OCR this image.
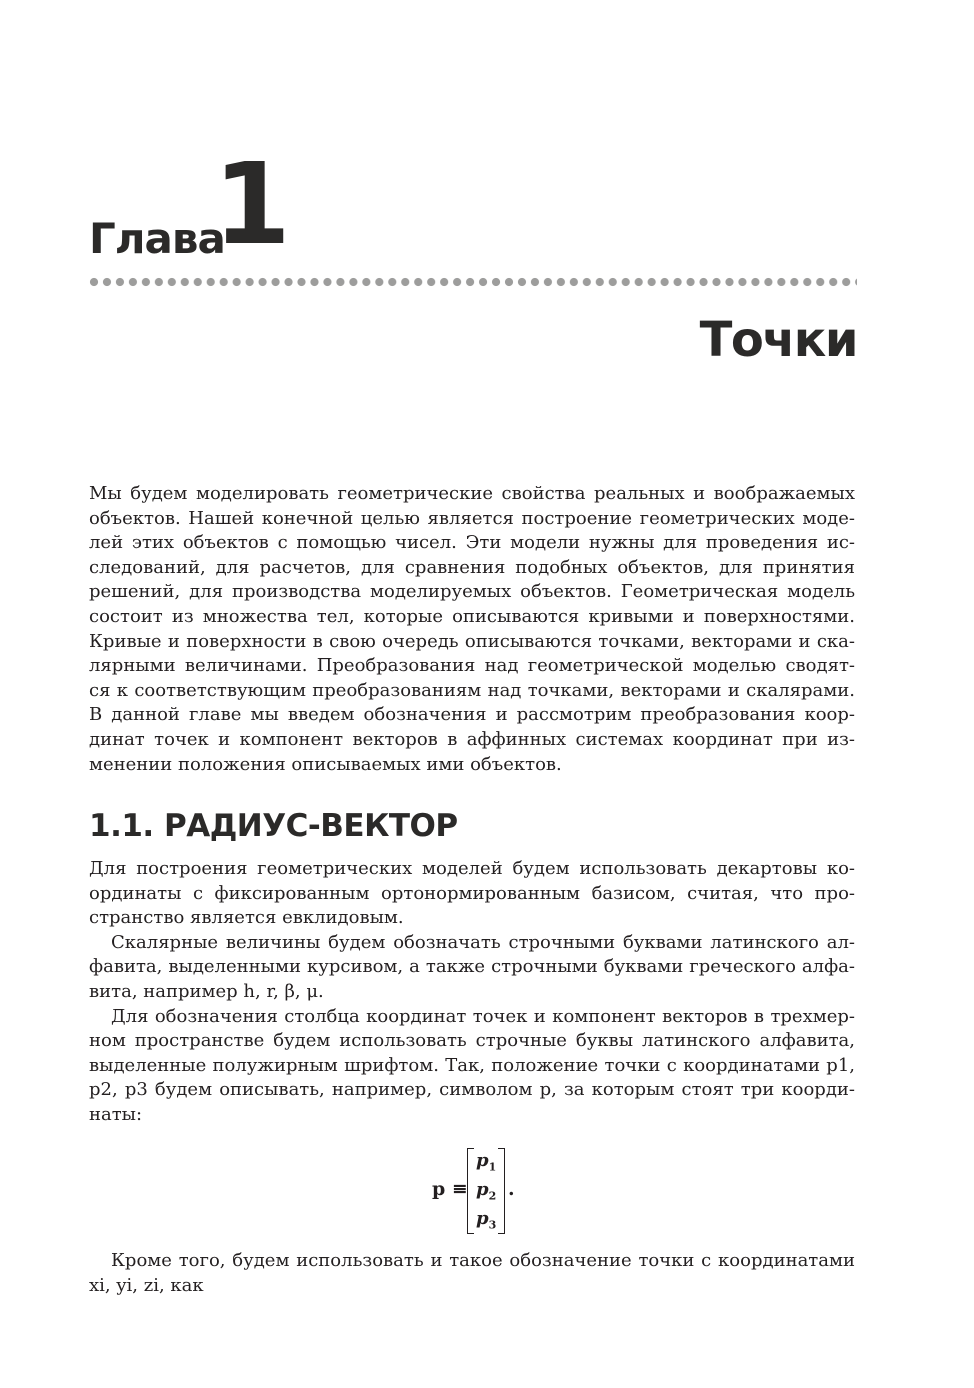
Глава
1
Точки
Мы будем моделировать геометрические свойства реальных и воображаемых
объектов. Нашей конечной целью является построение геометрических моде-
лей этих объектов с помощью чисел. Эти модели нужны для проведения ис-
следований, для расчетов, для сравнения подобных объектов, для принятия
решений, для производства моделируемых объектов. Геометрическая модель
состоит из множества тел, которые описываются кривыми и поверхностями.
Кривые и поверхности в свою очередь описываются точками, векторами и ска-
лярными величинами. Преобразования над геометрической моделью сводят-
ся к соответствующим преобразованиям над точками, векторами и скалярами.
В данной главе мы введем обозначения и рассмотрим преобразования коор-
динат точек и компонент векторов в аффинных системах координат при из-
менении положения описываемых ими объектов.
1.1. РАДИУС-ВЕКТОР
Для построения геометрических моделей будем использовать декартовы ко-
ординаты с фиксированным ортонормированным базисом, считая, что про-
странство является евклидовым.
Скалярные величины будем обозначать строчными буквами латинского ал-
фавита, выделенными курсивом, а также строчными буквами греческого алфа-
вита, например h, r, β, μ.
Для обозначения столбца координат точек и компонент векторов в трехмер-
ном пространстве будем использовать строчные буквы латинского алфавита,
выделенные полужирным шрифтом. Так, положение точки с координатами p1,
p2, p3 будем описывать, например, символом p, за которым стоят три коорди-
наты:
p ≡
$p_1$
$p_2$
$p_3$
.
Кроме того, будем использовать и такое обозначение точки с координатами
xi, yi, zi, как
